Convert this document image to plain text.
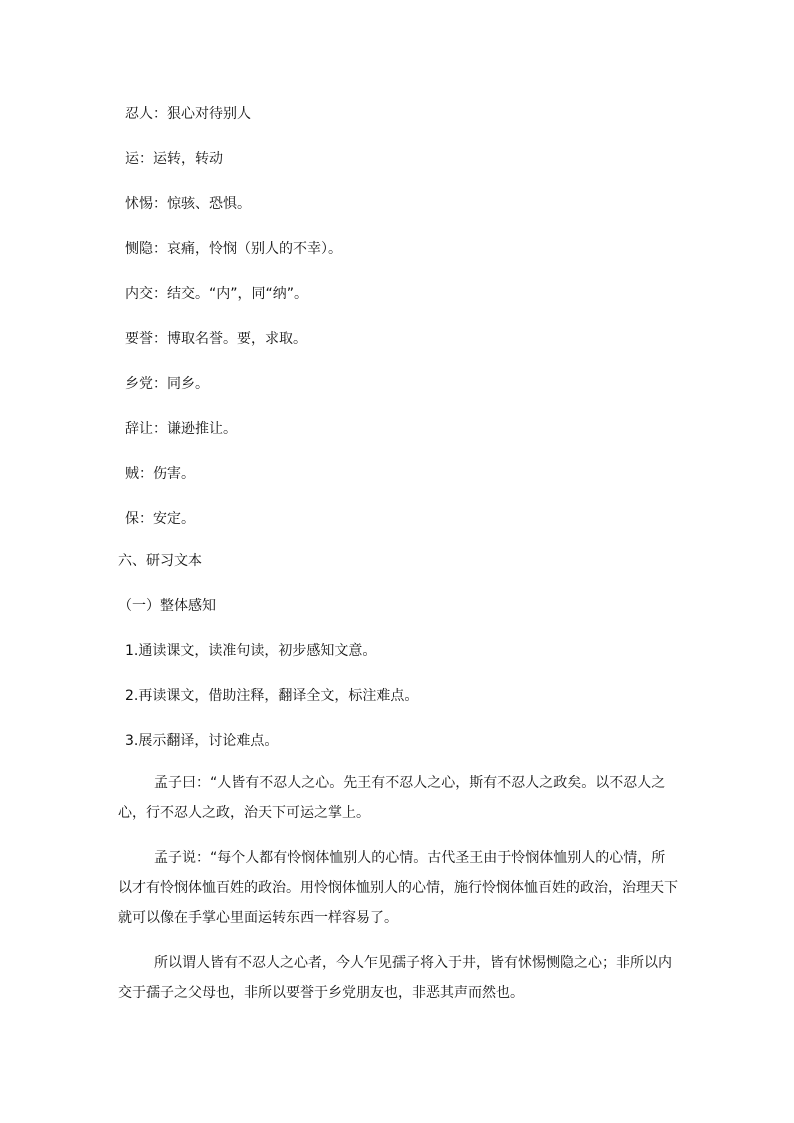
忍人：狠心对待别人
运：运转，转动
怵惕：惊骇、恐惧。
恻隐：哀痛，怜悯（别人的不幸）。
内交：结交。“内”，同“纳”。
要誉：博取名誉。要，求取。
乡党：同乡。
辞让：谦逊推让。
贼：伤害。
保：安定。
六、研习文本
（一）整体感知
1.通读课文，读准句读，初步感知文意。
2.再读课文，借助注释，翻译全文，标注难点。
3.展示翻译，讨论难点。
孟子曰：“人皆有不忍人之心。先王有不忍人之心，斯有不忍人之政矣。以不忍人之
心，行不忍人之政，治天下可运之掌上。
孟子说：“每个人都有怜悯体恤别人的心情。古代圣王由于怜悯体恤别人的心情，所
以才有怜悯体恤百姓的政治。用怜悯体恤别人的心情，施行怜悯体恤百姓的政治，治理天下
就可以像在手掌心里面运转东西一样容易了。
所以谓人皆有不忍人之心者，今人乍见孺子将入于井，皆有怵惕恻隐之心；非所以内
交于孺子之父母也，非所以要誉于乡党朋友也，非恶其声而然也。
